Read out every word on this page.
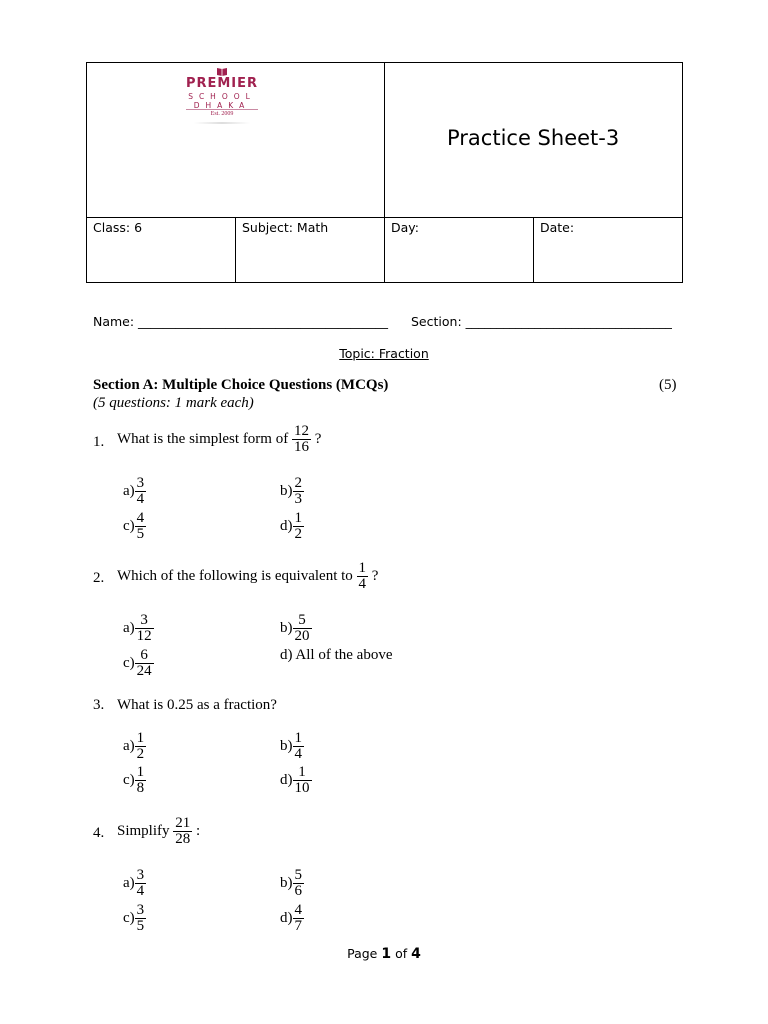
PREMIER
SCHOOL
DHAKA
Est. 2009
Practice Sheet-3
Class: 6	Subject: Math	Day:	Date:
Name: ________________________________________ Section: _________________________________
Topic: Fraction
Section A: Multiple Choice Questions (MCQs)
(5 questions: 1 mark each)
(5)
1. What is the simplest form of $\frac{12}{16}$ ?
$a) \frac{3}{4}$	$b) \frac{2}{3}$
$c) \frac{4}{5}$	$d) \frac{1}{2}$
2. Which of the following is equivalent to $\frac{1}{4}$ ?
$a) \frac{3}{12}$	$b) \frac{5}{20}$
$c) \frac{6}{24}$	d) All of the above
3. What is 0.25 as a fraction?
$a) \frac{1}{2}$	$b) \frac{1}{4}$
$c) \frac{1}{8}$	$d) \frac{1}{10}$
4. Simplify $\frac{21}{28}$ :
$a) \frac{3}{4}$	$b) \frac{5}{6}$
$c) \frac{3}{5}$	$d) \frac{4}{7}$
Page 1 of 4
